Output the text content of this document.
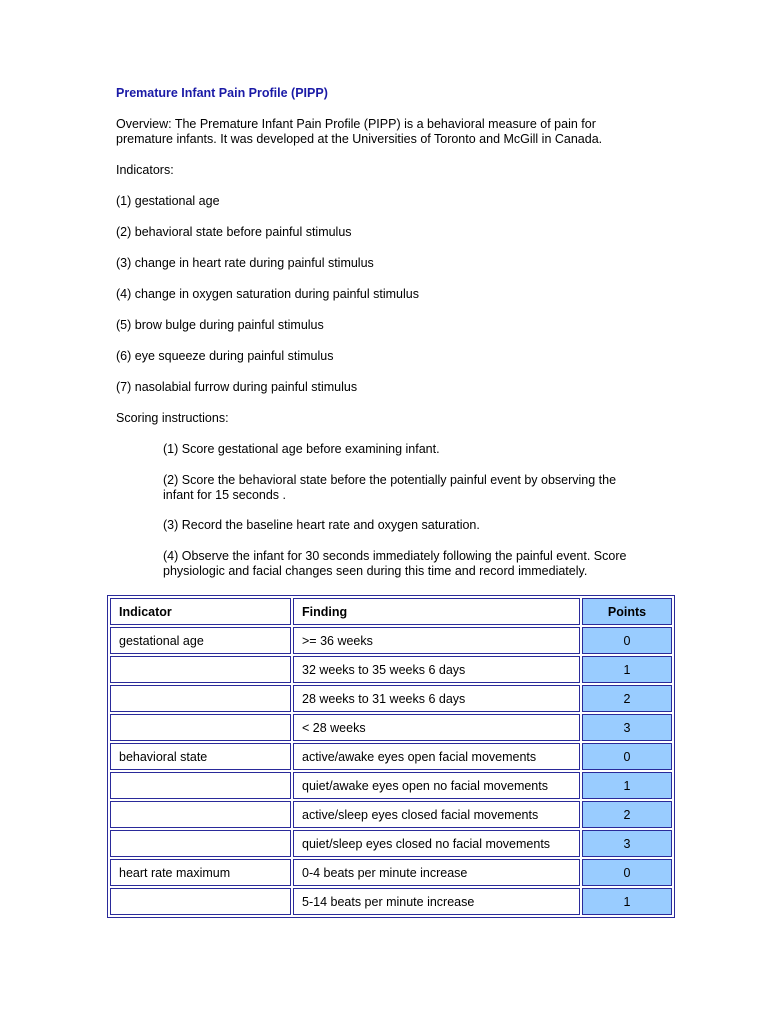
Premature Infant Pain Profile (PIPP)
Overview: The Premature Infant Pain Profile (PIPP) is a behavioral measure of pain for
premature infants. It was developed at the Universities of Toronto and McGill in Canada.
Indicators:
(1) gestational age
(2) behavioral state before painful stimulus
(3) change in heart rate during painful stimulus
(4) change in oxygen saturation during painful stimulus
(5) brow bulge during painful stimulus
(6) eye squeeze during painful stimulus
(7) nasolabial furrow during painful stimulus
Scoring instructions:
(1) Score gestational age before examining infant.
(2) Score the behavioral state before the potentially painful event by observing the
infant for 15 seconds .
(3) Record the baseline heart rate and oxygen saturation.
(4) Observe the infant for 30 seconds immediately following the painful event. Score
physiologic and facial changes seen during this time and record immediately.
Indicator	Finding	Points
gestational age	>= 36 weeks	0
	32 weeks to 35 weeks 6 days	1
	28 weeks to 31 weeks 6 days	2
	< 28 weeks	3
behavioral state	active/awake eyes open facial movements	0
	quiet/awake eyes open no facial movements	1
	active/sleep eyes closed facial movements	2
	quiet/sleep eyes closed no facial movements	3
heart rate maximum	0-4 beats per minute increase	0
	5-14 beats per minute increase	1
